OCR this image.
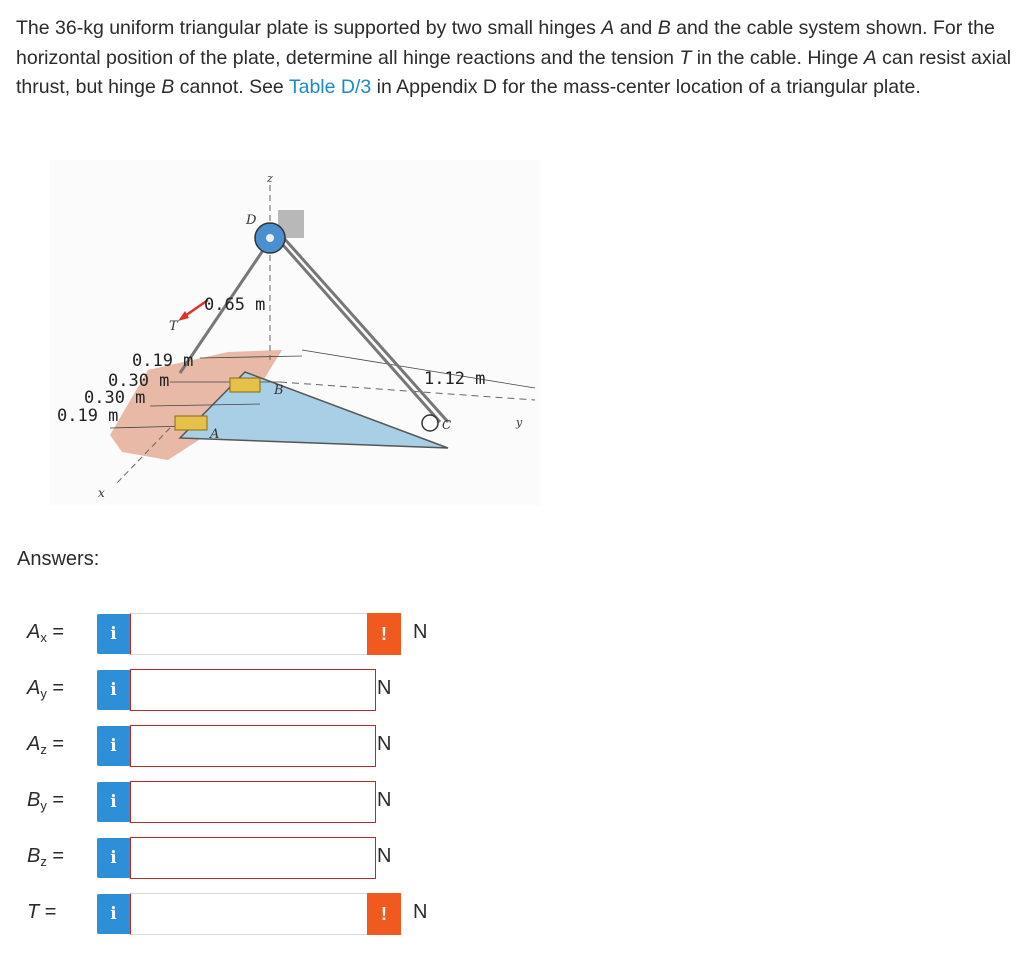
The 36-kg uniform triangular plate is supported by two small hinges A and B and the cable system shown. For the horizontal position of the plate, determine all hinge reactions and the tension T in the cable. Hinge A can resist axial thrust, but hinge B cannot. See Table D/3 in Appendix D for the mass-center location of a triangular plate.

z
D
0.65 m
T
0.19 m
0.30 m
0.30 m
0.19 m
B
A
1.12 m
C	y
x
Answers:
$A_x$ =	i	!	N
$A_y$ =	i	N
$A_z$ =	i	N
$B_y$ =	i	N
$B_z$ =	i	N
T =	i	!	N
